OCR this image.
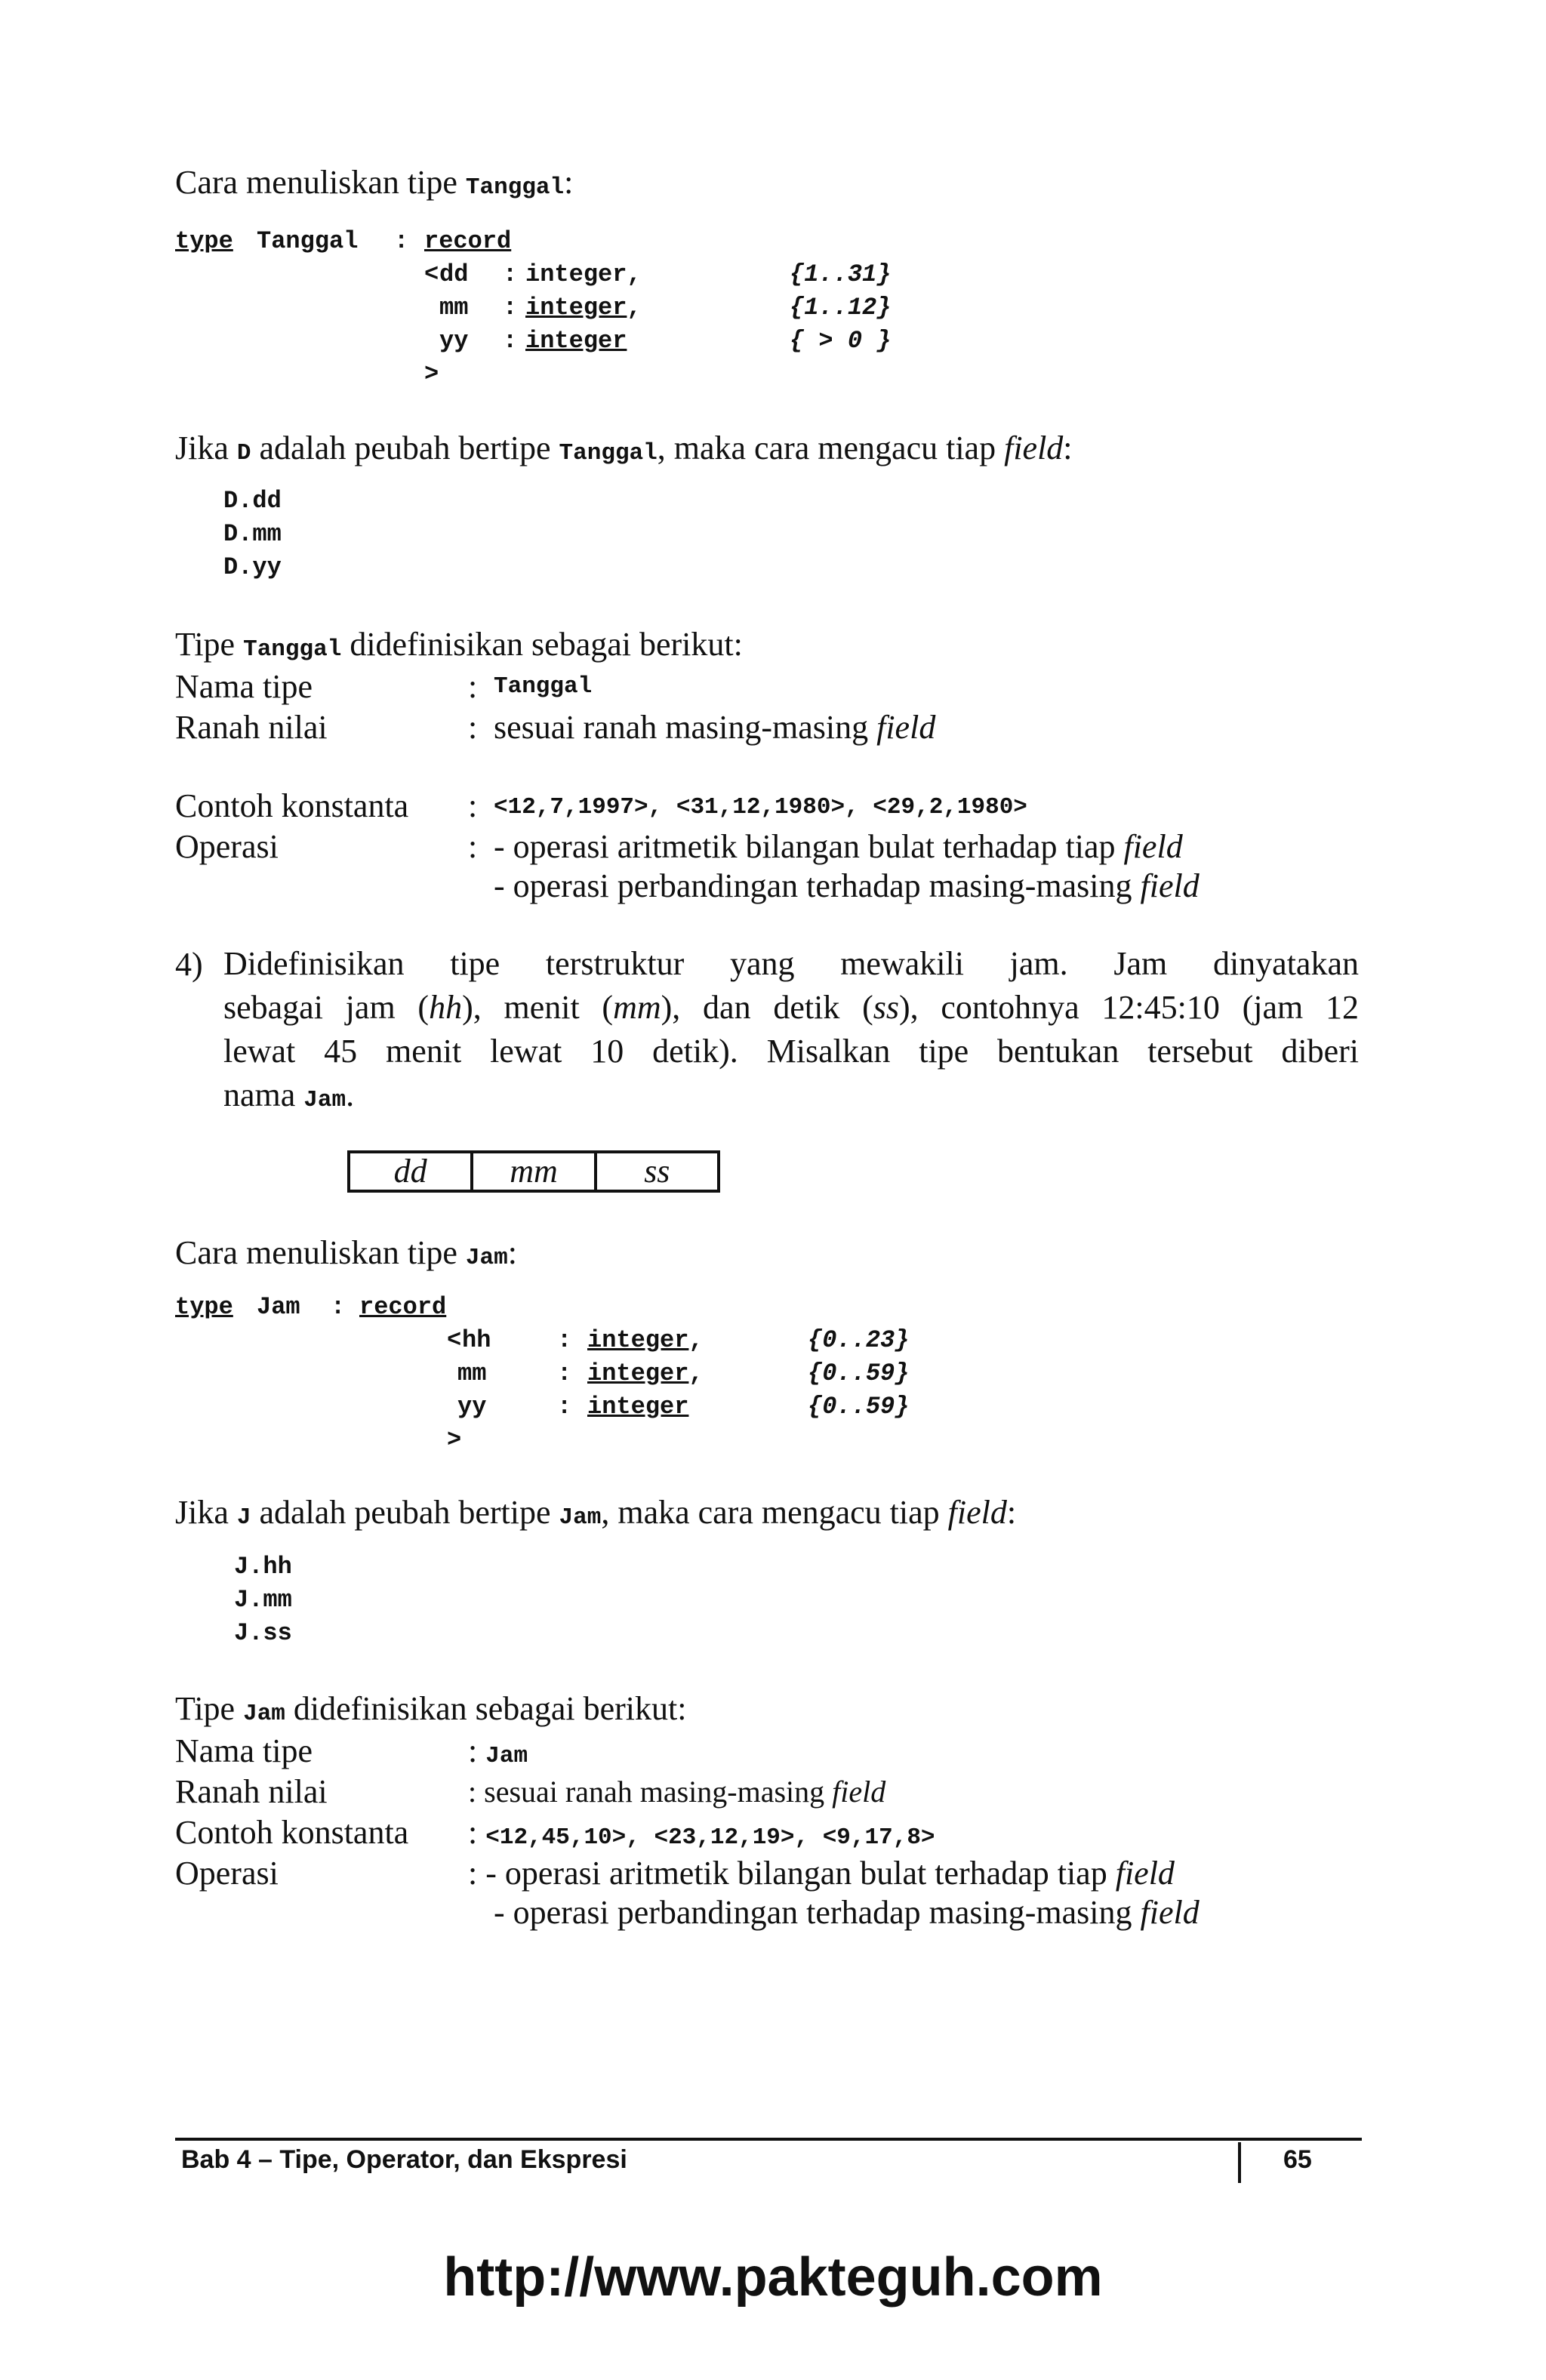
Cara menuliskan tipe Tanggal:
type Tanggal : record
< dd : integer,	{1..31}
mm : integer,	{1..12}
yy : integer	{ > 0 }
>
Jika D adalah peubah bertipe Tanggal, maka cara mengacu tiap field:
D.dd
D.mm
D.yy
Tipe Tanggal didefinisikan sebagai berikut:
Nama tipe	: Tanggal
Ranah nilai	: sesuai ranah masing-masing field
Contoh konstanta : <12,7,1997>, <31,12,1980>, <29,2,1980>
Operasi	: - operasi aritmetik bilangan bulat terhadap tiap field
- operasi perbandingan terhadap masing-masing field
4) Didefinisikan tipe terstruktur yang mewakili jam. Jam dinyatakan
sebagai jam (hh), menit (mm), dan detik (ss), contohnya 12:45:10 (jam 12
lewat 45 menit lewat 10 detik). Misalkan tipe bentukan tersebut diberi
nama Jam.
dd	mm	ss
Cara menuliskan tipe Jam:
type Jam : record
< hh	: integer,	{0..23}
mm	: integer,	{0..59}
yy	: integer	{0..59}
>
Jika J adalah peubah bertipe Jam, maka cara mengacu tiap field:
J.hh
J.mm
J.ss
Tipe Jam didefinisikan sebagai berikut:
Nama tipe	: Jam
Ranah nilai	: sesuai ranah masing-masing field
Contoh konstanta : <12,45,10>, <23,12,19>, <9,17,8>
Operasi	: - operasi aritmetik bilangan bulat terhadap tiap field
- operasi perbandingan terhadap masing-masing field
Bab 4 – Tipe, Operator, dan Ekspresi	65
http://www.pakteguh.com
